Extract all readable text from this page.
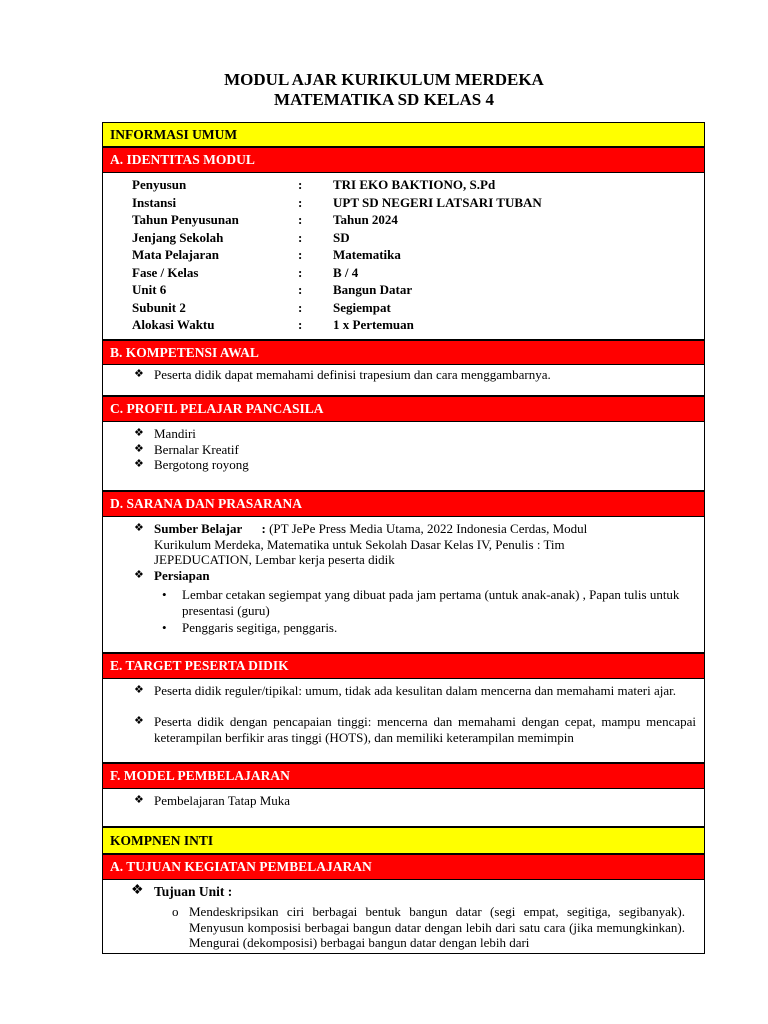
MODUL AJAR KURIKULUM MERDEKA
MATEMATIKA SD KELAS 4
INFORMASI UMUM
A. IDENTITAS MODUL
Penyusun	: TRI EKO BAKTIONO, S.Pd
Instansi	: UPT SD NEGERI LATSARI TUBAN
Tahun Penyusunan	: Tahun 2024
Jenjang Sekolah	: SD
Mata Pelajaran	: Matematika
Fase / Kelas	: B / 4
Unit 6	: Bangun Datar
Subunit 2	: Segiempat
Alokasi Waktu	: 1 x Pertemuan
B. KOMPETENSI AWAL
❖ Peserta didik dapat memahami definisi trapesium dan cara menggambarnya.
C. PROFIL PELAJAR PANCASILA
❖ Mandiri
❖ Bernalar Kreatif
❖ Bergotong royong
D. SARANA DAN PRASARANA
❖ Sumber Belajar      : (PT JePe Press Media Utama, 2022 Indonesia Cerdas, Modul
Kurikulum Merdeka, Matematika untuk Sekolah Dasar Kelas IV, Penulis : Tim
JEPEDUCATION, Lembar kerja peserta didik
❖ Persiapan
• Lembar cetakan segiempat yang dibuat pada jam pertama (untuk anak-anak) , Papan tulis untuk presentasi (guru)
• Penggaris segitiga, penggaris.
E. TARGET PESERTA DIDIK
❖ Peserta didik reguler/tipikal: umum, tidak ada kesulitan dalam mencerna dan memahami materi ajar.
❖ Peserta didik dengan pencapaian tinggi: mencerna dan memahami dengan cepat, mampu mencapai keterampilan berfikir aras tinggi (HOTS), dan memiliki keterampilan memimpin
F. MODEL PEMBELAJARAN
❖ Pembelajaran Tatap Muka
KOMPNEN INTI
A. TUJUAN KEGIATAN PEMBELAJARAN
❖ Tujuan Unit :
o Mendeskripsikan ciri berbagai bentuk bangun datar (segi empat, segitiga, segibanyak). Menyusun komposisi berbagai bangun datar dengan lebih dari satu cara (jika memungkinkan). Mengurai (dekomposisi) berbagai bangun datar dengan lebih dari
